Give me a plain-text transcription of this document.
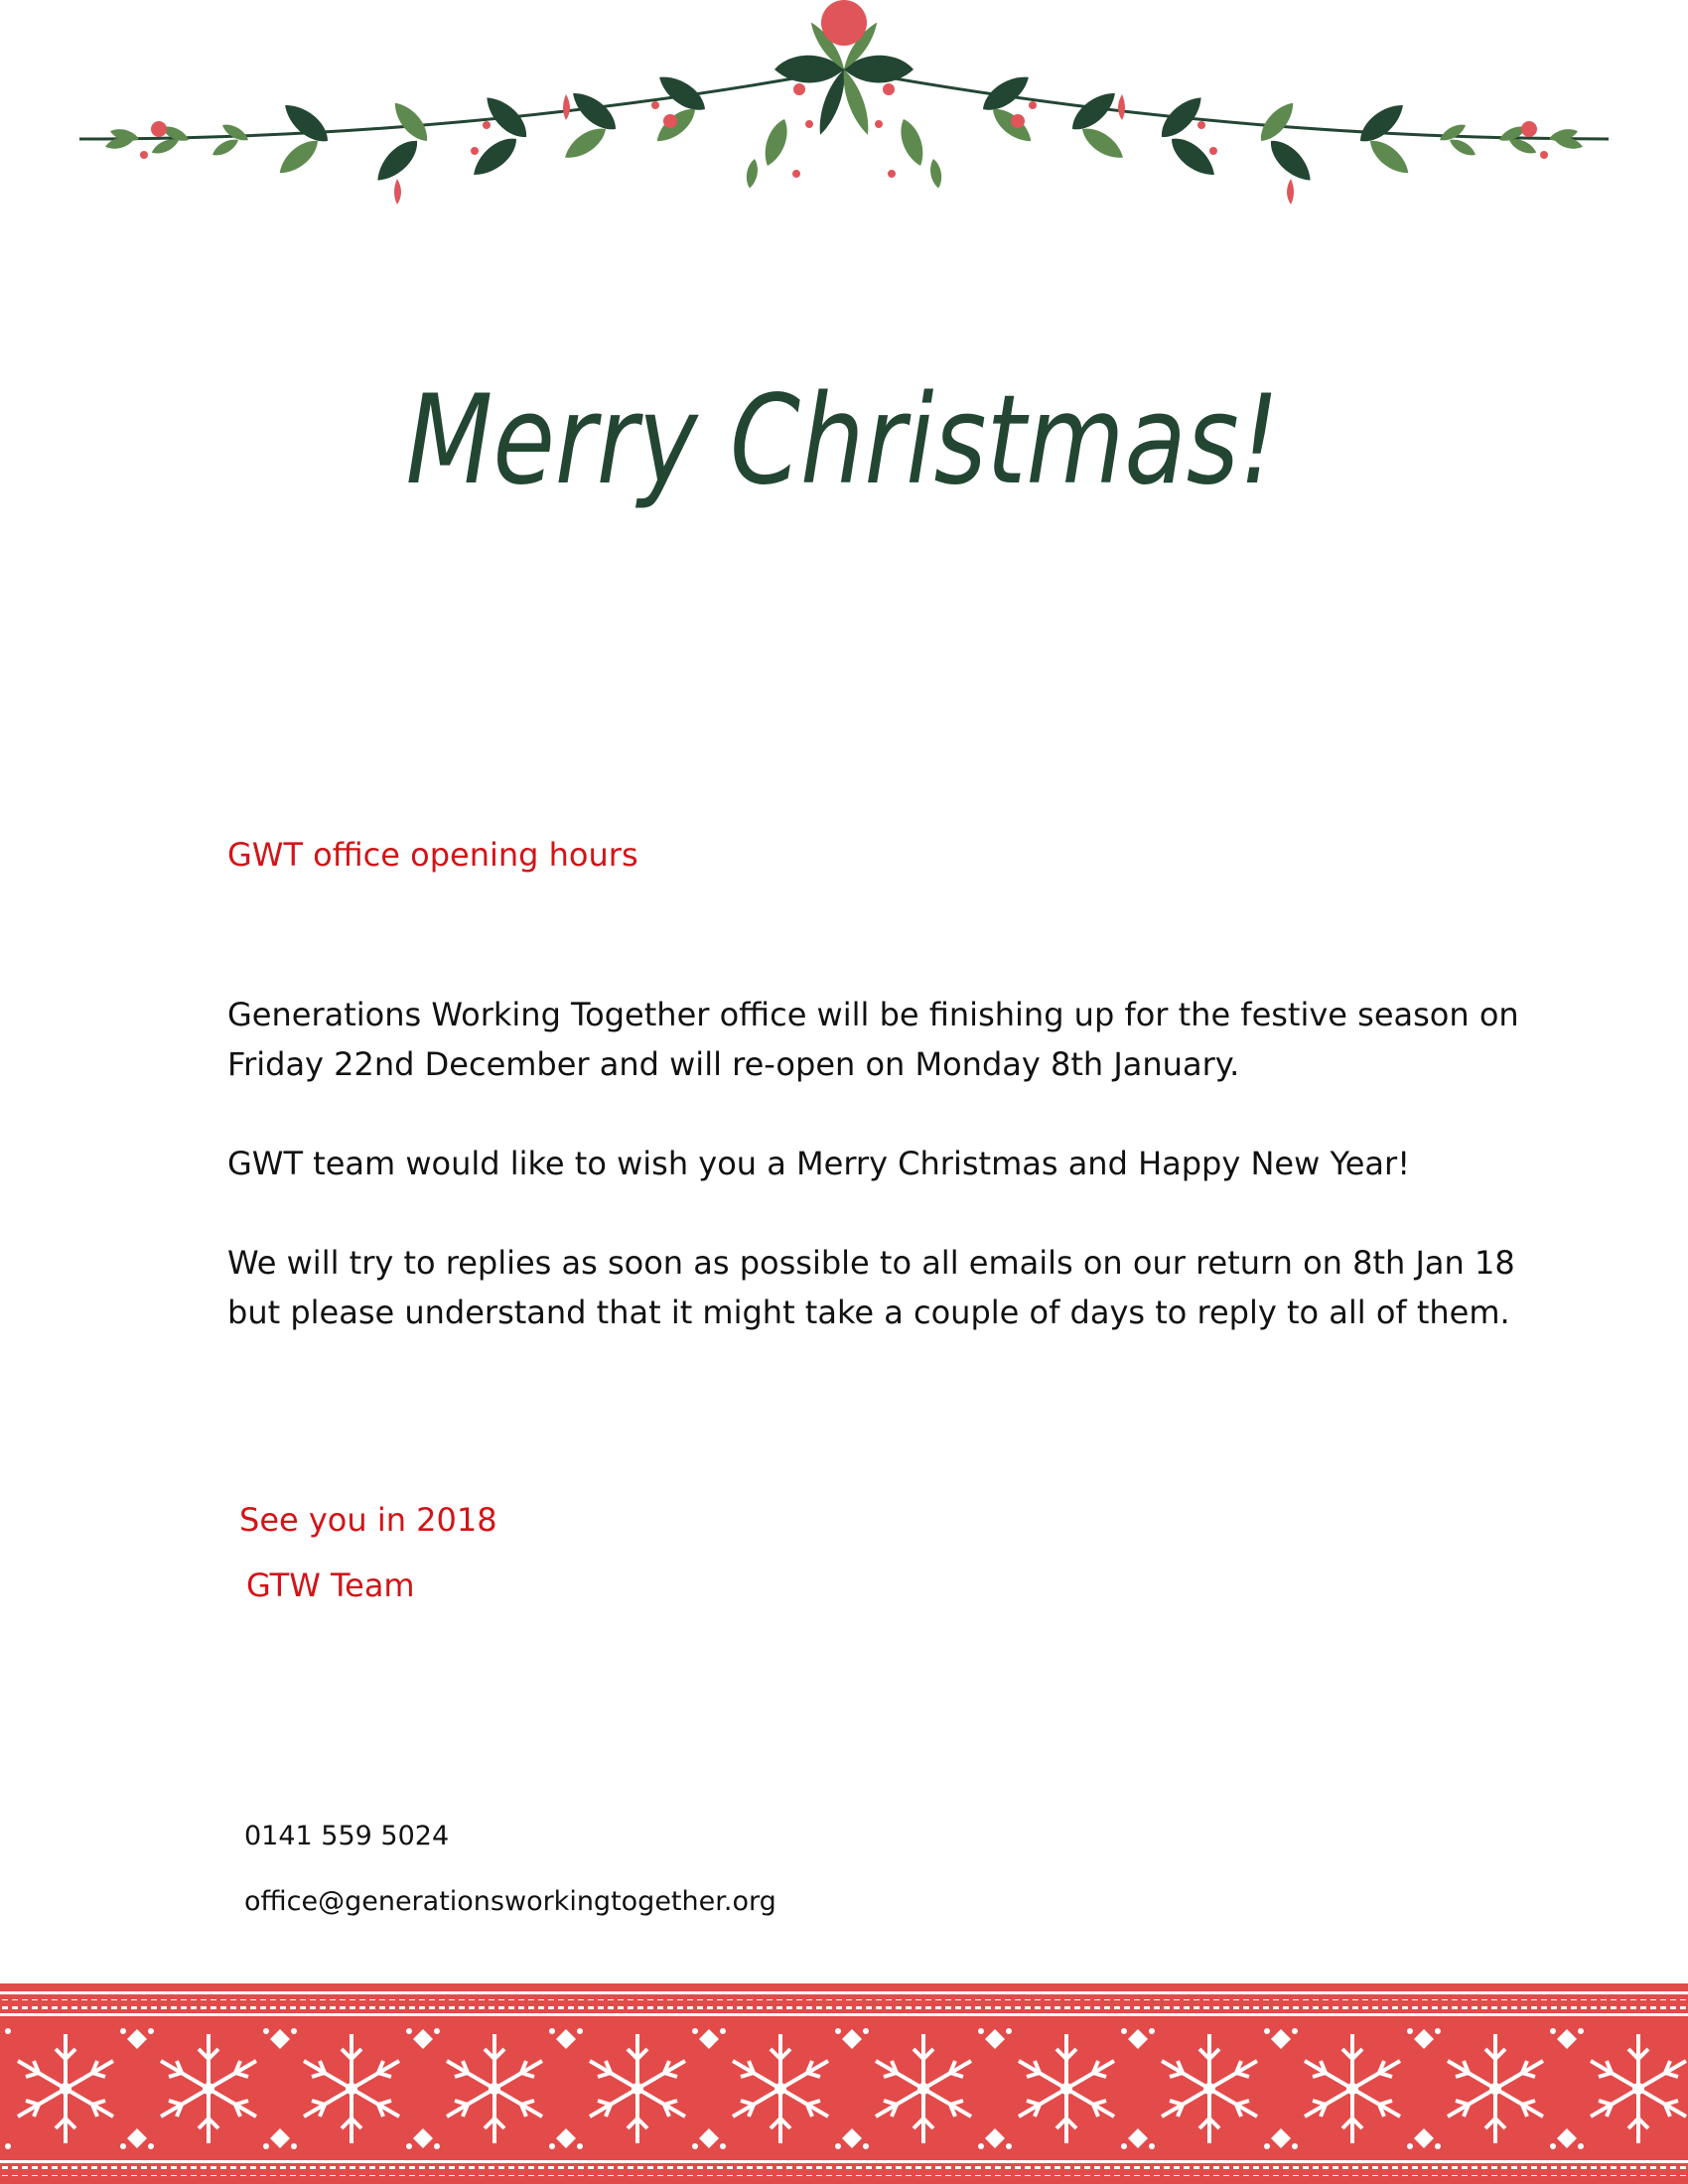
Merry Christmas!
GWT office opening hours

Generations Working Together office will be finishing up for the festive season on Friday 22nd December and will re-open on Monday 8th January.

GWT team would like to wish you a Merry Christmas and Happy New Year!

We will try to replies as soon as possible to all emails on our return on 8th Jan 18 but please understand that it might take a couple of days to reply to all of them.

See you in 2018
GTW Team
0141 559 5024
office@generationsworkingtogether.org
